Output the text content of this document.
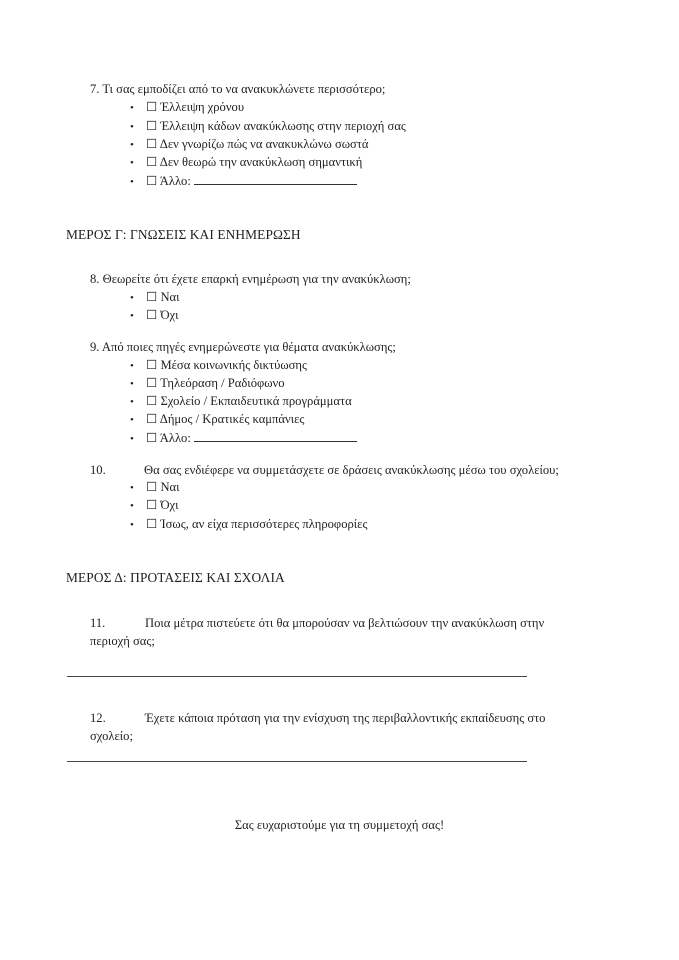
7. Τι σας εμποδίζει από το να ανακυκλώνετε περισσότερο;
• ☐ Έλλειψη χρόνου
• ☐ Έλλειψη κάδων ανακύκλωσης στην περιοχή σας
• ☐ Δεν γνωρίζω πώς να ανακυκλώνω σωστά
• ☐ Δεν θεωρώ την ανακύκλωση σημαντική
• ☐ Άλλο:
ΜΕΡΟΣ Γ: ΓΝΩΣΕΙΣ ΚΑΙ ΕΝΗΜΕΡΩΣΗ
8. Θεωρείτε ότι έχετε επαρκή ενημέρωση για την ανακύκλωση;
• ☐ Ναι
• ☐ Όχι
9. Από ποιες πηγές ενημερώνεστε για θέματα ανακύκλωσης;
• ☐ Μέσα κοινωνικής δικτύωσης
• ☐ Τηλεόραση / Ραδιόφωνο
• ☐ Σχολείο / Εκπαιδευτικά προγράμματα
• ☐ Δήμος / Κρατικές καμπάνιες
• ☐ Άλλο:
10.	Θα σας ενδιέφερε να συμμετάσχετε σε δράσεις ανακύκλωσης μέσω του σχολείου;
• ☐ Ναι
• ☐ Όχι
• ☐ Ίσως, αν είχα περισσότερες πληροφορίες
ΜΕΡΟΣ Δ: ΠΡΟΤΑΣΕΙΣ ΚΑΙ ΣΧΟΛΙΑ
11.	Ποια μέτρα πιστεύετε ότι θα μπορούσαν να βελτιώσουν την ανακύκλωση στην
περιοχή σας;
12.	Έχετε κάποια πρόταση για την ενίσχυση της περιβαλλοντικής εκπαίδευσης στο
σχολείο;
Σας ευχαριστούμε για τη συμμετοχή σας!
